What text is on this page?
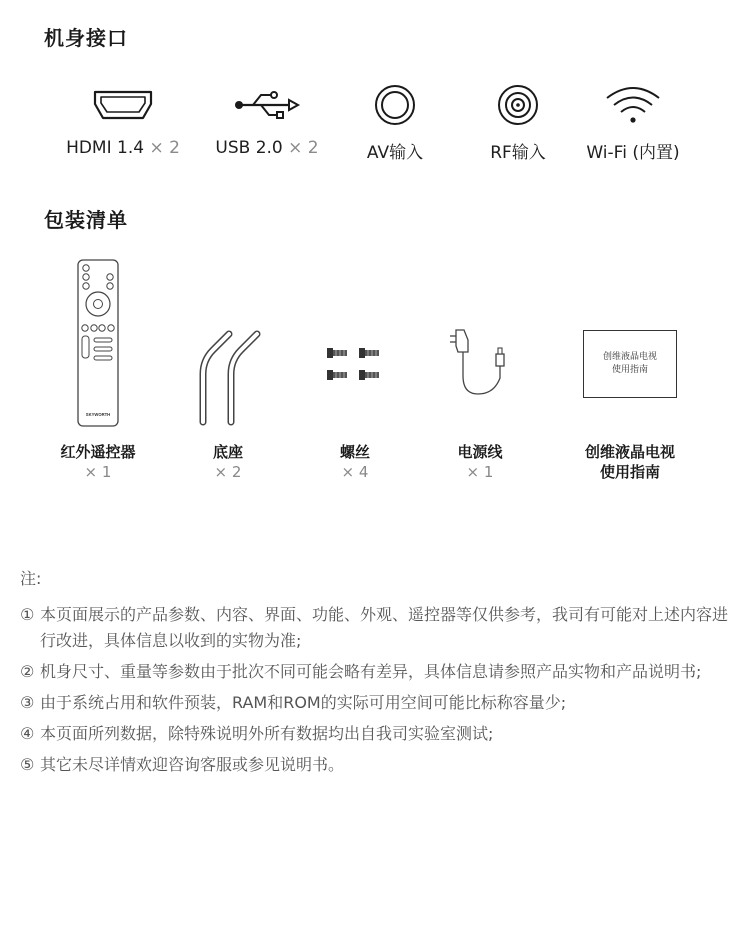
机身接口
HDMI 1.4 × 2	USB 2.0 × 2	AV输入	RF输入	Wi-Fi (内置)
包装清单
SKYWORTH
红外遥控器
× 1
底座
× 2
螺丝
× 4
电源线
× 1
创维液晶电视
使用指南
创维液晶电视
使用指南

注:

① 本页面展示的产品参数、内容、界面、功能、外观、遥控器等仅供参考，我司有可能对上述内容进行改进，具体信息以收到的实物为准;
② 机身尺寸、重量等参数由于批次不同可能会略有差异，具体信息请参照产品实物和产品说明书;
③ 由于系统占用和软件预装，RAM和ROM的实际可用空间可能比标称容量少;
④ 本页面所列数据，除特殊说明外所有数据均出自我司实验室测试;
⑤ 其它未尽详情欢迎咨询客服或参见说明书。
